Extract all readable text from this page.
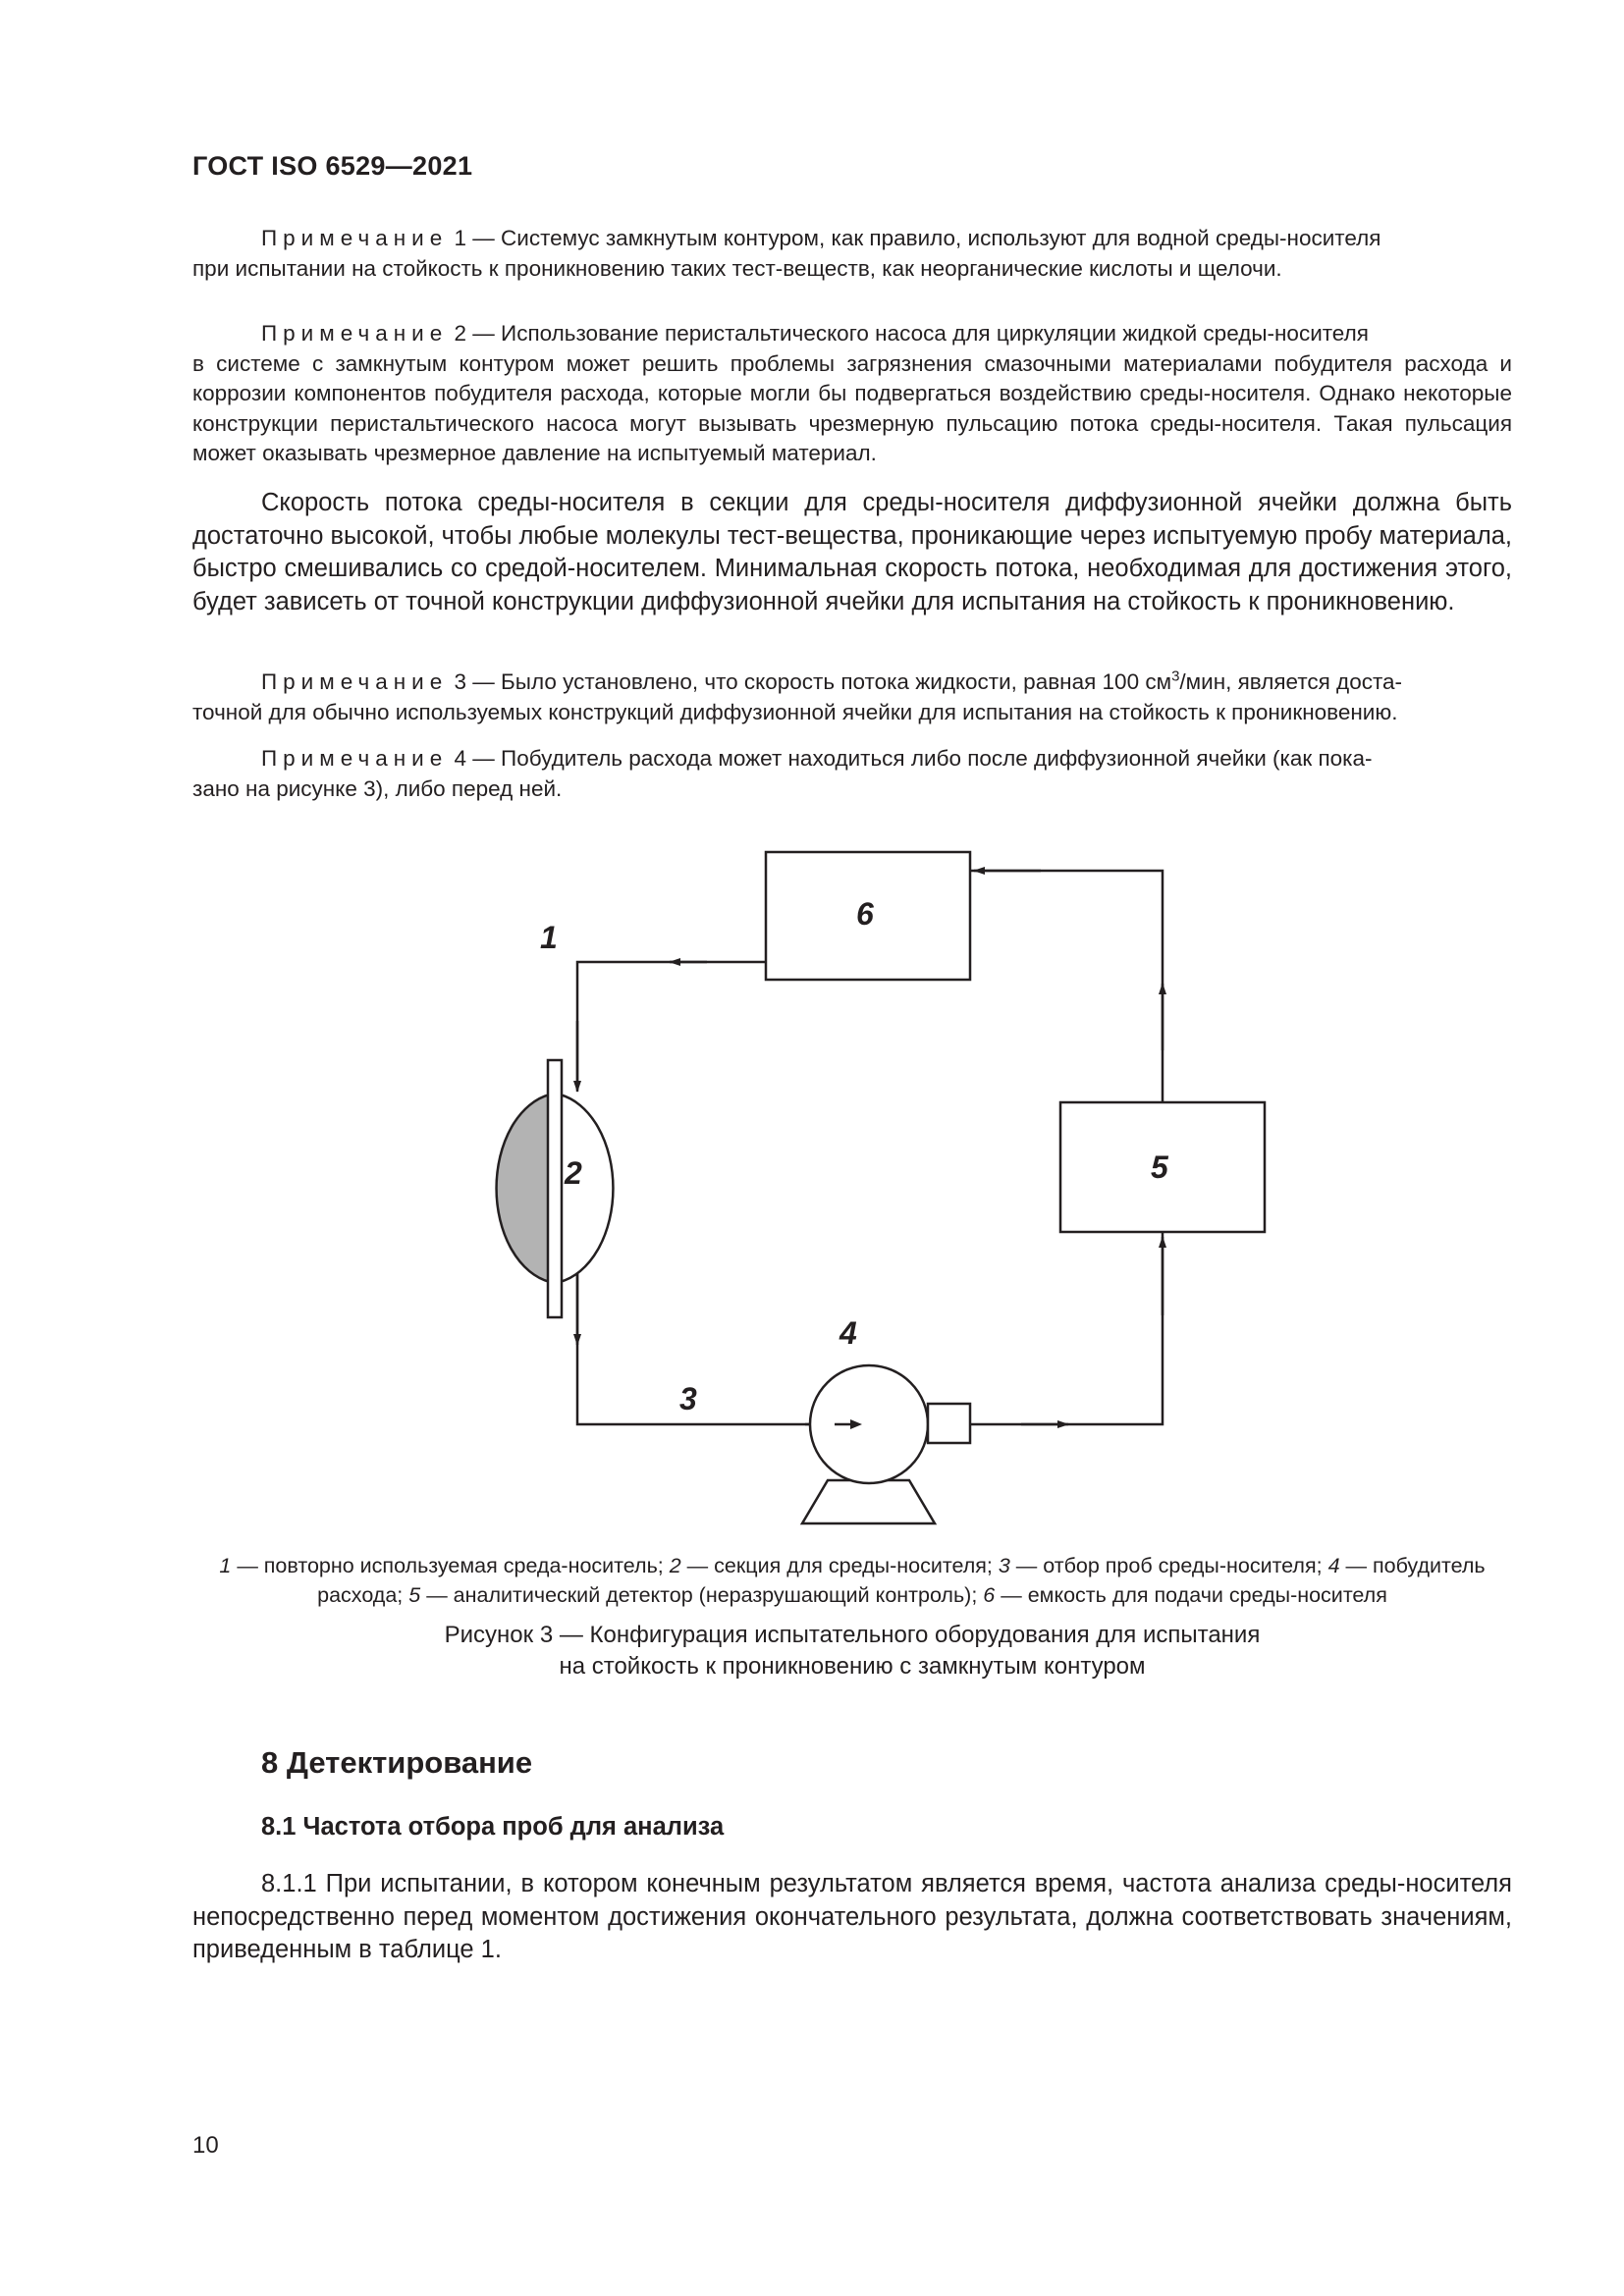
ГОСТ ISO 6529—2021
Примечание 1 — Системус замкнутым контуром, как правило, используют для водной среды-носителя
при испытании на стойкость к проникновению таких тест-веществ, как неорганические кислоты и щелочи.
Примечание 2 — Использование перистальтического насоса для циркуляции жидкой среды-носителя
в системе с замкнутым контуром может решить проблемы загрязнения смазочными материалами побудителя расхода и коррозии компонентов побудителя расхода, которые могли бы подвергаться воздействию среды-носителя. Однако некоторые конструкции перистальтического насоса могут вызывать чрезмерную пульсацию потока среды-носителя. Такая пульсация может оказывать чрезмерное давление на испытуемый материал.
Скорость потока среды-носителя в секции для среды-носителя диффузионной ячейки должна быть достаточно высокой, чтобы любые молекулы тест-вещества, проникающие через испытуемую пробу материала, быстро смешивались со средой-носителем. Минимальная скорость потока, необходимая для достижения этого, будет зависеть от точной конструкции диффузионной ячейки для испытания на стойкость к проникновению.
Примечание 3 — Было установлено, что скорость потока жидкости, равная 100 $см^3$/мин, является доста-
точной для обычно используемых конструкций диффузионной ячейки для испытания на стойкость к проникновению.
Примечание 4 — Побудитель расхода может находиться либо после диффузионной ячейки (как пока-
зано на рисунке 3), либо перед ней.
1
2
3
4
5
6
1 — повторно используемая среда-носитель; 2 — секция для среды-носителя; 3 — отбор проб среды-носителя; 4 — побудитель расхода; 5 — аналитический детектор (неразрушающий контроль); 6 — емкость для подачи среды-носителя
Рисунок 3 — Конфигурация испытательного оборудования для испытания
на стойкость к проникновению с замкнутым контуром
8 Детектирование
8.1 Частота отбора проб для анализа
8.1.1 При испытании, в котором конечным результатом является время, частота анализа среды-носителя непосредственно перед моментом достижения окончательного результата, должна соответствовать значениям, приведенным в таблице 1.
10
